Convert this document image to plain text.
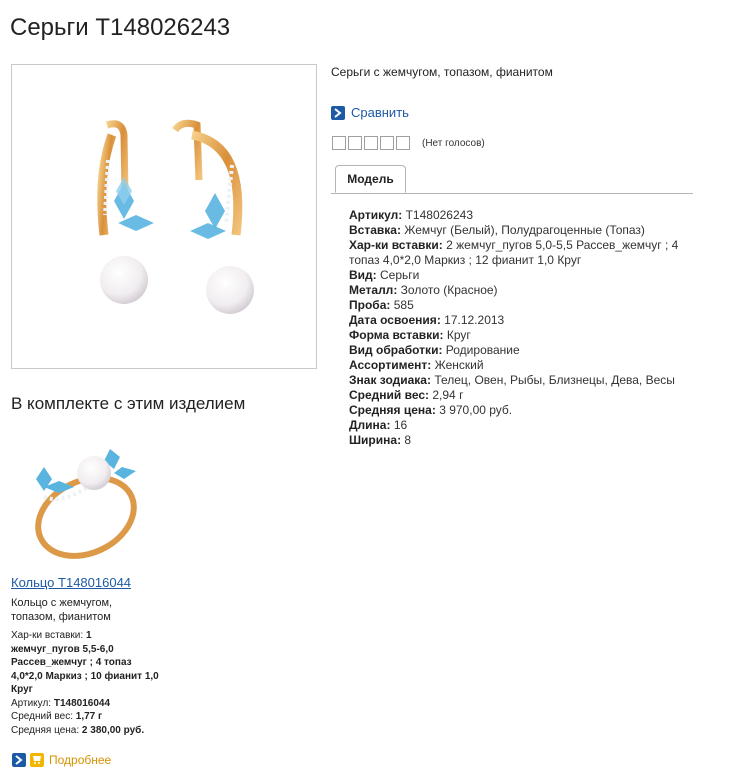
Серьги T148026243
Серьги с жемчугом, топазом, фианитом
Сравнить
(Нет голосов)
Модель

Артикул: T148026243

Вставка: Жемчуг (Белый), Полудрагоценные (Топаз)

Хар-ки вставки: 2 жемчуг_пугов 5,0-5,5 Рассев_жемчуг ; 4 топаз 4,0*2,0 Маркиз ; 12 фианит 1,0 Круг

Вид: Серьги

Металл: Золото (Красное)

Проба: 585

Дата освоения: 17.12.2013

Форма вставки: Круг

Вид обработки: Родирование

Ассортимент: Женский

Знак зодиака: Телец, Овен, Рыбы, Близнецы, Дева, Весы

Средний вес: 2,94 г

Средняя цена: 3 970,00 руб.

Длина: 16

Ширина: 8

В комплекте с этим изделием
Кольцо T148016044
Кольцо с жемчугом, топазом, фианитом
Хар-ки вставки: 1 жемчуг_пугов 5,5-6,0 Рассев_жемчуг ; 4 топаз 4,0*2,0 Маркиз ; 10 фианит 1,0 Круг
Артикул: T148016044
Средний вес: 1,77 г
Средняя цена: 2 380,00 руб.
Подробнее
